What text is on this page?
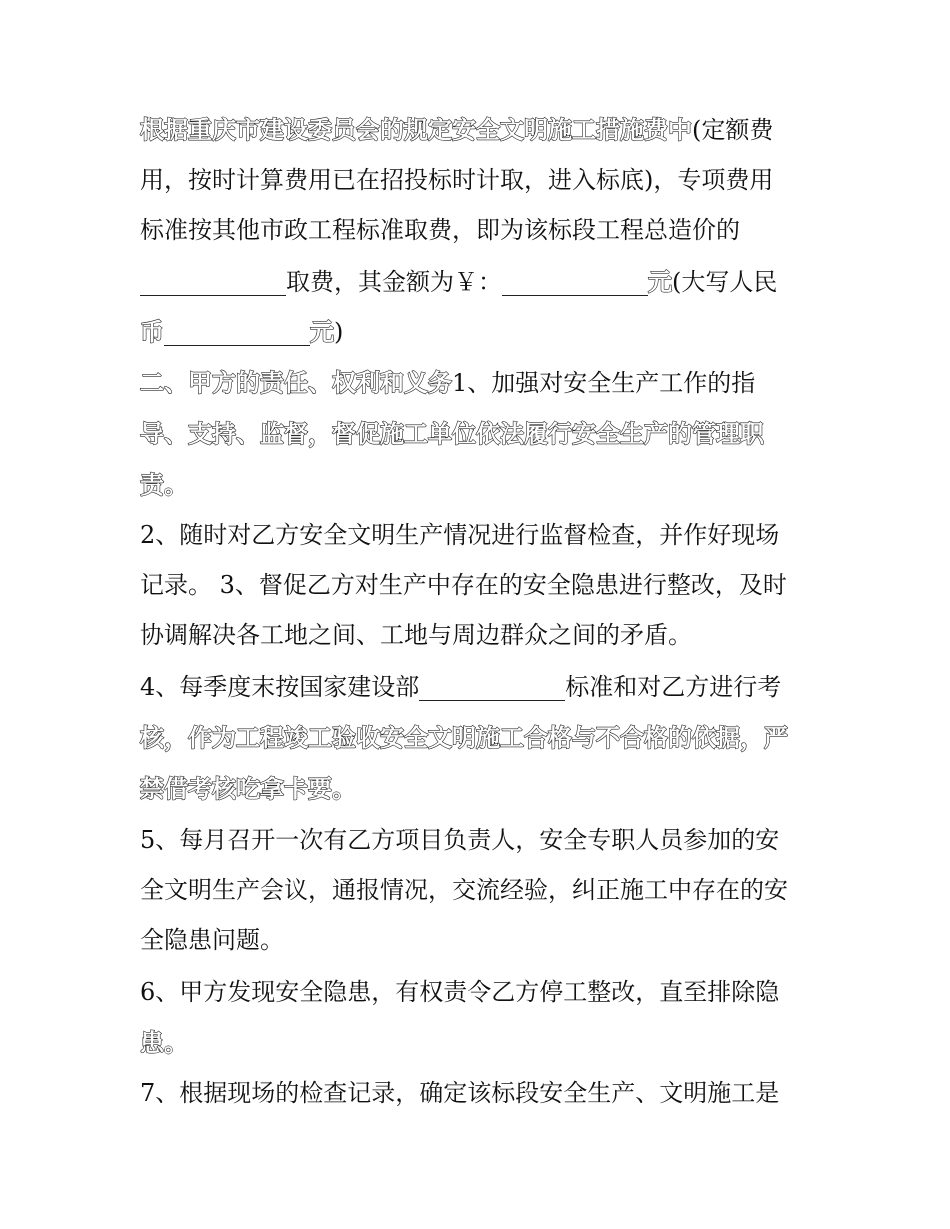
根据重庆市建设委员会的规定安全文明施工措施费中(定额费
用，按时计算费用已在招投标时计取，进入标底)，专项费用
标准按其他市政工程标准取费，即为该标段工程总造价的
取费，其金额为￥：	元(大写人民
币	元)
二、甲方的责任、权利和义务1、加强对安全生产工作的指
导、支持、监督，督促施工单位依法履行安全生产的管理职
责。
2、随时对乙方安全文明生产情况进行监督检查，并作好现场
记录。 3、督促乙方对生产中存在的安全隐患进行整改，及时
协调解决各工地之间、工地与周边群众之间的矛盾。
4、每季度末按国家建设部	标准和对乙方进行考
核，作为工程竣工验收安全文明施工合格与不合格的依据，严
禁借考核吃拿卡要。
5、每月召开一次有乙方项目负责人，安全专职人员参加的安
全文明生产会议，通报情况，交流经验，纠正施工中存在的安
全隐患问题。
6、甲方发现安全隐患，有权责令乙方停工整改，直至排除隐
患。
7、根据现场的检查记录，确定该标段安全生产、文明施工是
